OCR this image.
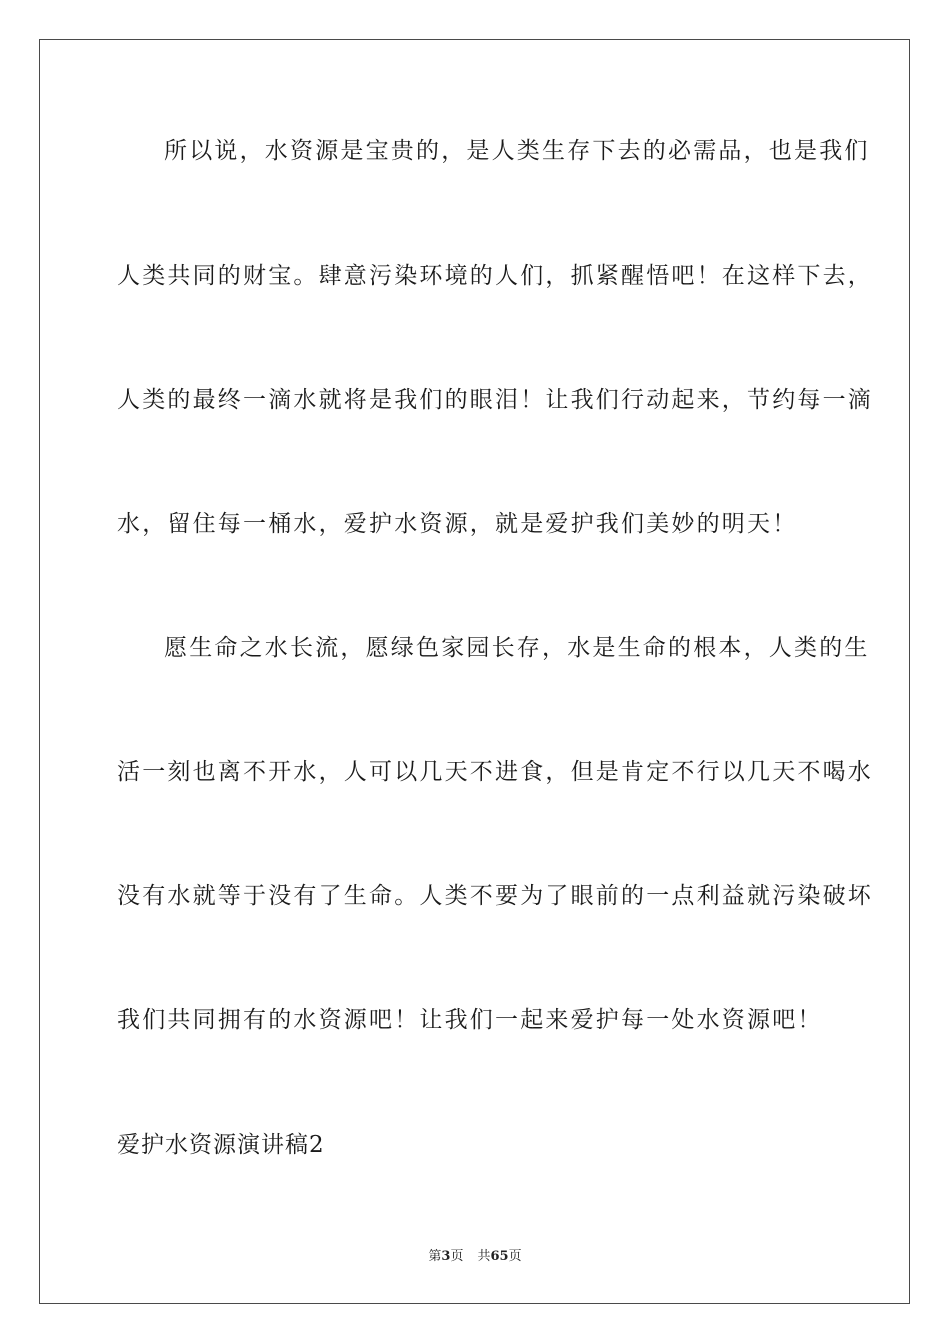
所以说，水资源是宝贵的，是人类生存下去的必需品，也是我们
人类共同的财宝。肆意污染环境的人们，抓紧醒悟吧！在这样下去，
人类的最终一滴水就将是我们的眼泪！让我们行动起来，节约每一滴
水，留住每一桶水，爱护水资源，就是爱护我们美妙的明天！
愿生命之水长流，愿绿色家园长存，水是生命的根本，人类的生
活一刻也离不开水，人可以几天不进食，但是肯定不行以几天不喝水
没有水就等于没有了生命。人类不要为了眼前的一点利益就污染破坏
我们共同拥有的水资源吧！让我们一起来爱护每一处水资源吧！
爱护水资源演讲稿2
第3页 共65页
